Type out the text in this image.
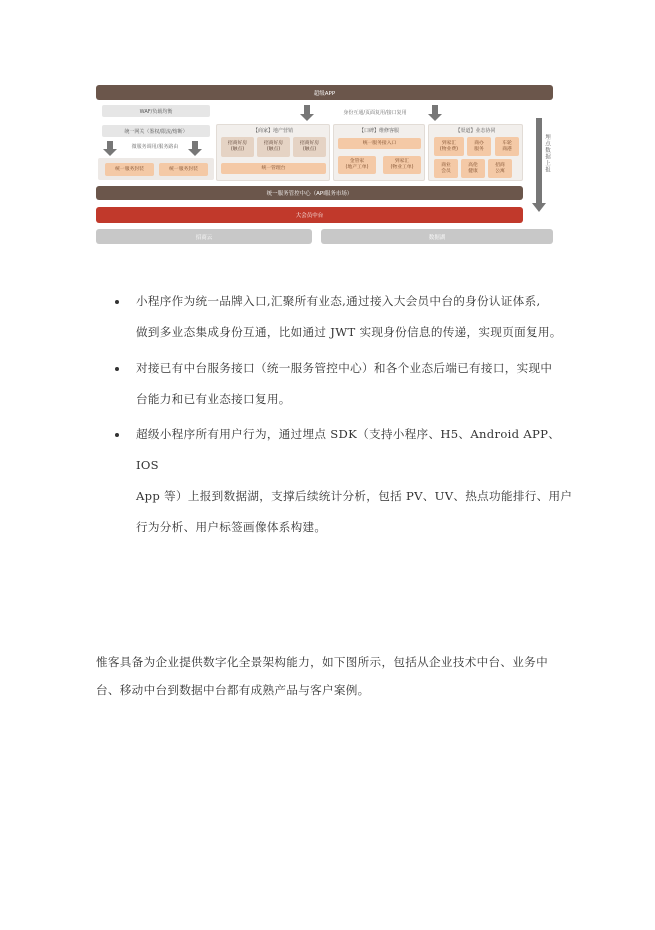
超级APP
WAF/负载均衡
统一网关（鉴权/限流/熔断）
微服务调用/服务路由
统一服务封装	统一服务封装
身份互通/页面复用/接口复用
【商家】地产营销
招商好房
(触点)
招商好房
(触点)
招商好房
(触点)
统一管理台
【口碑】维修客服
统一服务接入口
金管家
(地产工单)
到家汇
(物业工单)
【渠道】业态协同
到家汇
(物业费)
商办
服务
车轮
商港
商业
会员
高伦
健康
招商
公寓	埋点数据上报
统一服务管控中心（API服务市场）
大会员中台
招商云	数据湖
小程序作为统一品牌入口,汇聚所有业态,通过接入大会员中台的身份认证体系,
做到多业态集成身份互通，比如通过 JWT 实现身份信息的传递，实现页面复用。
对接已有中台服务接口（统一服务管控中心）和各个业态后端已有接口，实现中
台能力和已有业态接口复用。
超级小程序所有用户行为，通过埋点 SDK（支持小程序、H5、Android APP、IOS
App 等）上报到数据湖，支撑后续统计分析，包括 PV、UV、热点功能排行、用户
行为分析、用户标签画像体系构建。
惟客具备为企业提供数字化全景架构能力，如下图所示，包括从企业技术中台、业务中
台、移动中台到数据中台都有成熟产品与客户案例。
